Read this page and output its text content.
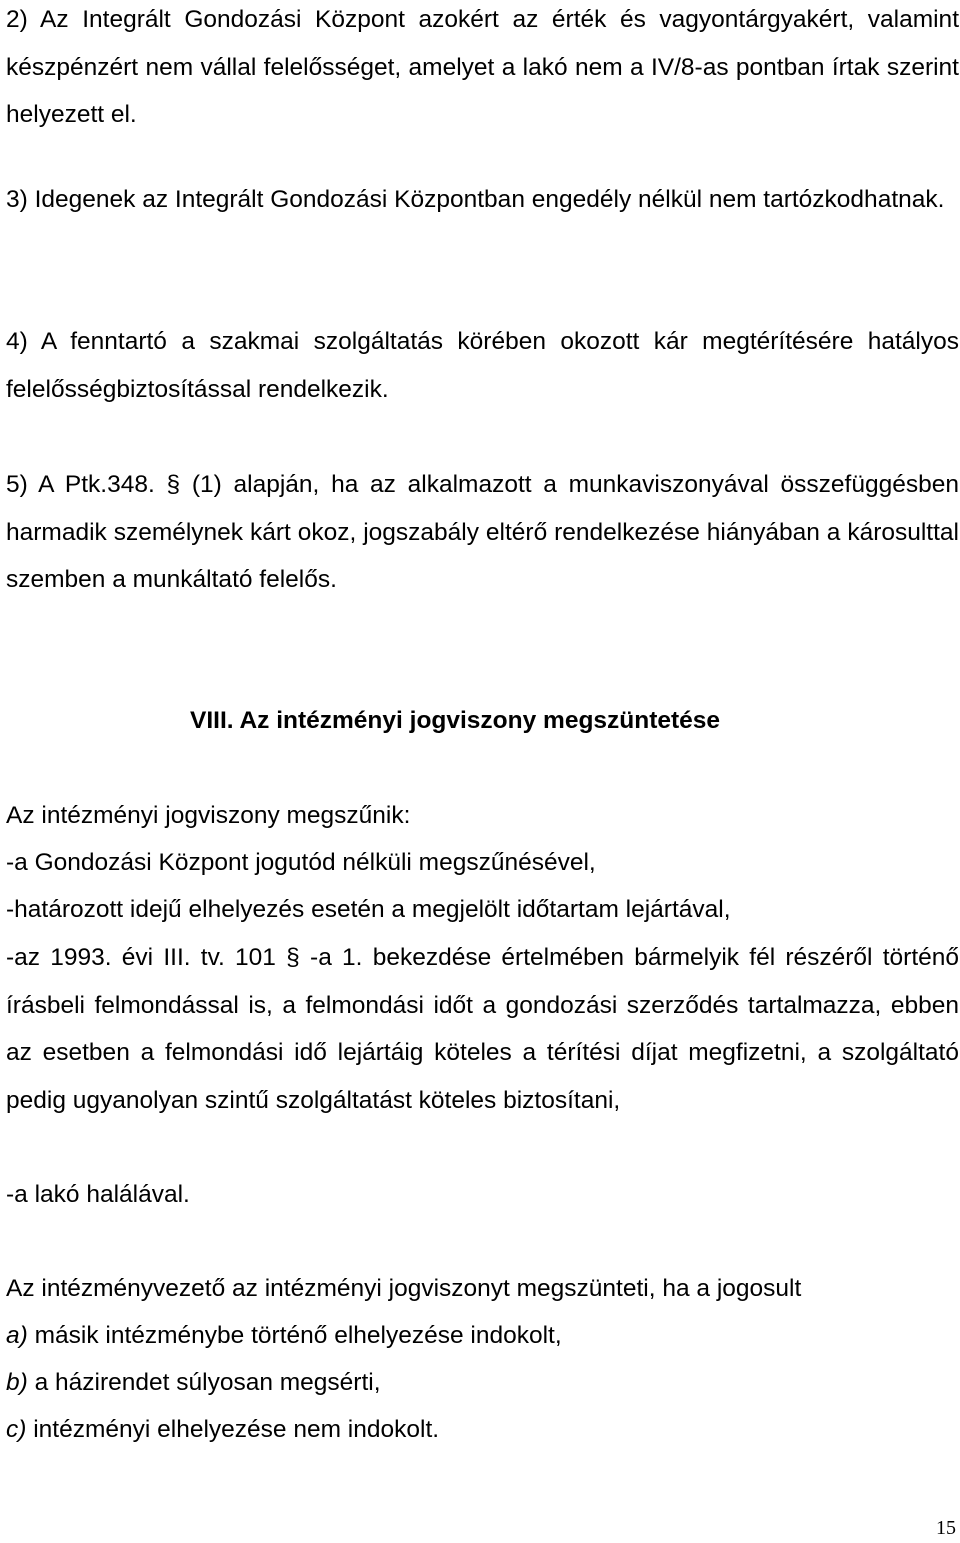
2) Az Integrált Gondozási Központ azokért az érték és vagyontárgyakért, valamint készpénzért nem vállal felelősséget, amelyet a lakó nem a IV/8-as pontban írtak szerint helyezett el.

3) Idegenek az Integrált Gondozási Központban engedély nélkül nem tartózkodhatnak.

4) A fenntartó a szakmai szolgáltatás körében okozott kár megtérítésére hatályos felelősségbiztosítással rendelkezik.

5) A Ptk.348. § (1) alapján, ha az alkalmazott a munkaviszonyával összefüggésben harmadik személynek kárt okoz, jogszabály eltérő rendelkezése hiányában a károsulttal szemben a munkáltató felelős.

VIII. Az intézményi jogviszony megszüntetése

Az intézményi jogviszony megszűnik:

-a Gondozási Központ jogutód nélküli megszűnésével,

-határozott idejű elhelyezés esetén a megjelölt időtartam lejártával,

-az 1993. évi III. tv. 101 § -a 1. bekezdése értelmében bármelyik fél részéről történő írásbeli felmondással is, a felmondási időt a gondozási szerződés tartalmazza, ebben az esetben a felmondási idő lejártáig köteles a térítési díjat megfizetni, a szolgáltató pedig ugyanolyan szintű szolgáltatást köteles biztosítani,

-a lakó halálával.

Az intézményvezető az intézményi jogviszonyt megszünteti, ha a jogosult

a) másik intézménybe történő elhelyezése indokolt,

b) a házirendet súlyosan megsérti,

c) intézményi elhelyezése nem indokolt.

15
